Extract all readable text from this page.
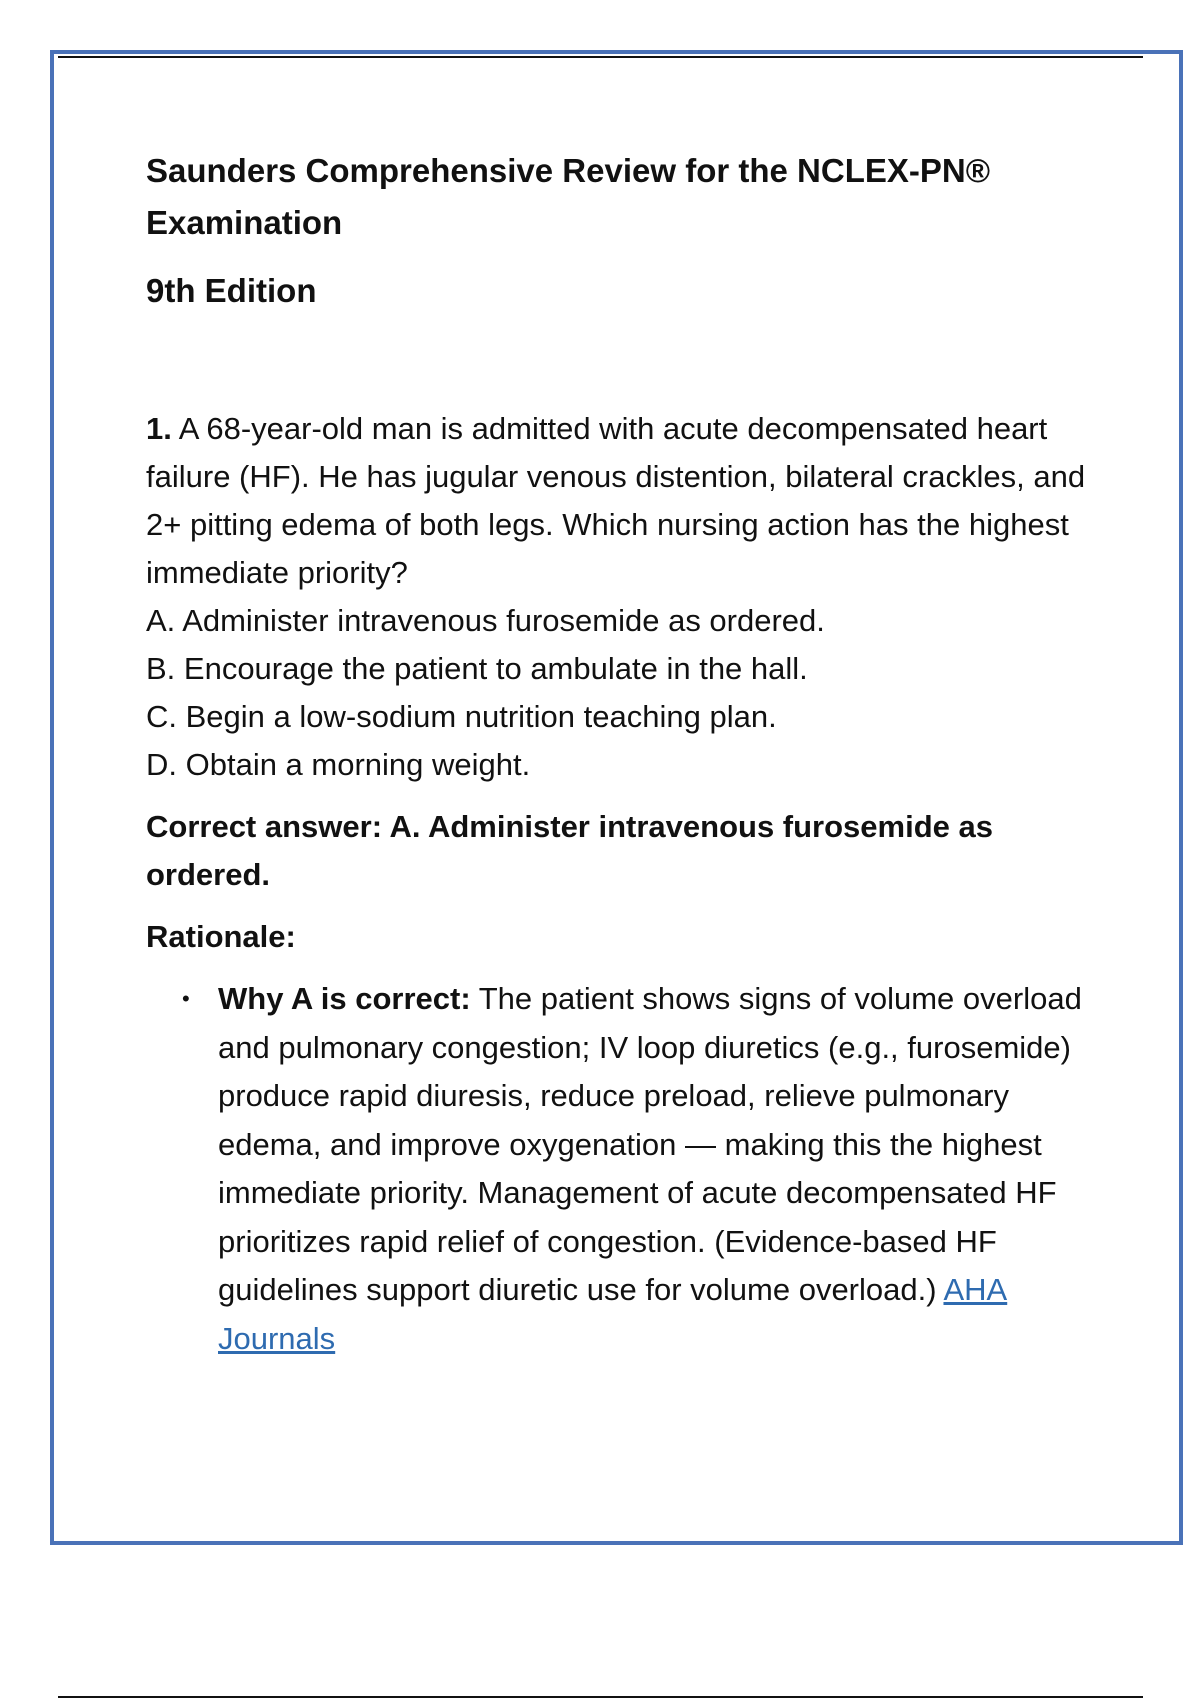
Saunders Comprehensive Review for the NCLEX-PN® Examination
9th Edition
1. A 68-year-old man is admitted with acute decompensated heart failure (HF). He has jugular venous distention, bilateral crackles, and 2+ pitting edema of both legs. Which nursing action has the highest immediate priority?
A. Administer intravenous furosemide as ordered.
B. Encourage the patient to ambulate in the hall.
C. Begin a low-sodium nutrition teaching plan.
D. Obtain a morning weight.
Correct answer: A. Administer intravenous furosemide as ordered.
Rationale:
• Why A is correct: The patient shows signs of volume overload and pulmonary congestion; IV loop diuretics (e.g., furosemide) produce rapid diuresis, reduce preload, relieve pulmonary edema, and improve oxygenation — making this the highest immediate priority. Management of acute decompensated HF prioritizes rapid relief of congestion. (Evidence-based HF guidelines support diuretic use for volume overload.) AHA Journals
